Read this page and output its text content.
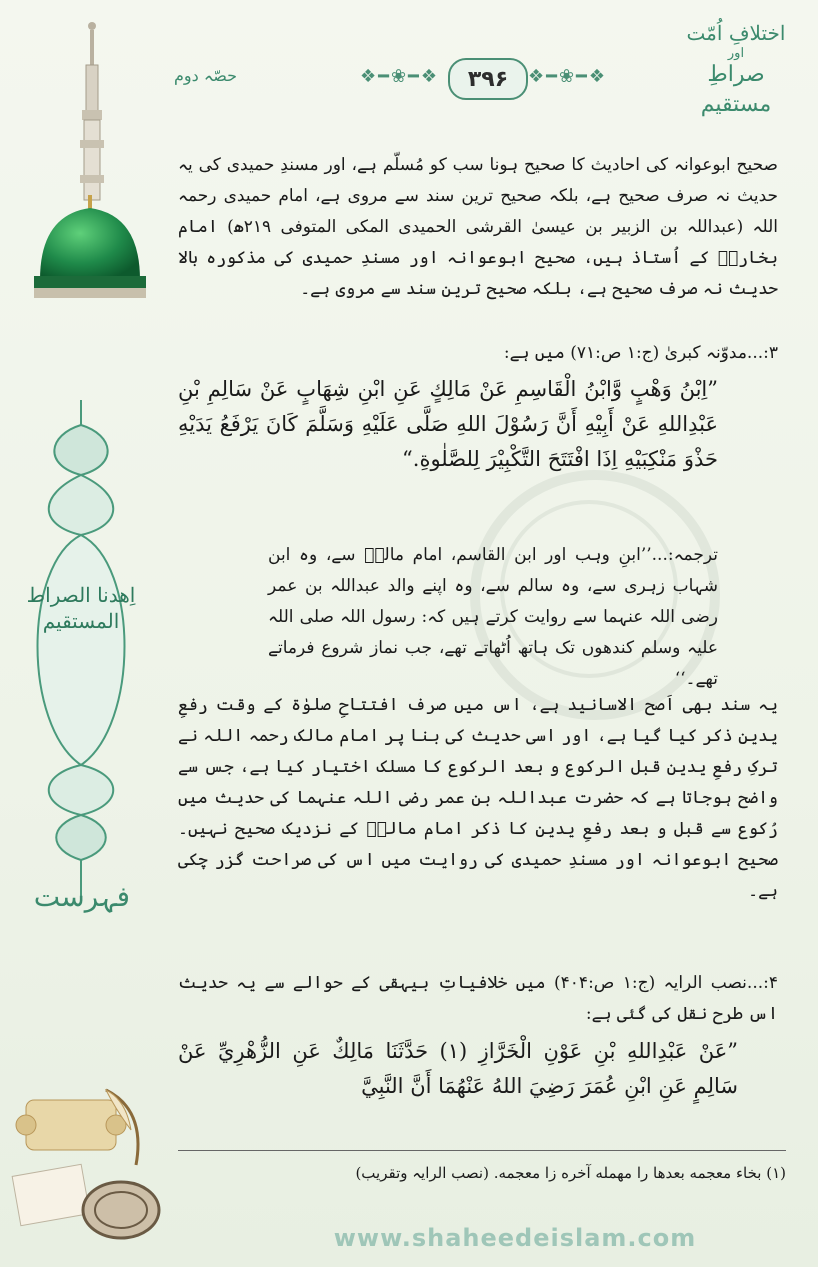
اختلافِ اُمّت
اور
صراطِ مستقیم
❖━❀━❖
❖━❀━❖	۳۹۶
حصّہ دوم
اِهدنا الصراط المستقیم
فہرست

صحیح ابوعوانہ کی احادیث کا صحیح ہونا سب کو مُسلّم ہے، اور مسندِ حمیدی کی یہ حدیث نہ صرف صحیح ہے، بلکہ صحیح ترین سند سے مروی ہے، امام حمیدی رحمہ اللہ (عبداللہ بن الزبیر بن عیسیٰ القرشی الحمیدی المکی المتوفی ۲۱۹ھ) امام بخاریؒ کے اُستاذ ہیں، صحیح ابوعوانہ اور مسندِ حمیدی کی مذکورہ بالا حدیث نہ صرف صحیح ہے، بلکہ صحیح ترین سند سے مروی ہے۔

۳:...مدوّنہ کبریٰ (ج:۱ ص:۷۱) میں ہے:

”اِبْنُ وَهْبٍ وَّابْنُ الْقَاسِمِ عَنْ مَالِكٍ عَنِ ابْنِ شِهَابٍ عَنْ سَالِمِ بْنِ عَبْدِاللهِ عَنْ أَبِيْهِ أَنَّ رَسُوْلَ اللهِ صَلَّى عَلَيْهِ وَسَلَّمَ كَانَ يَرْفَعُ يَدَيْهِ حَذْوَ مَنْكِبَيْهِ اِذَا افْتَتَحَ التَّكْبِيْرَ لِلصَّلٰوةِ.“

ترجمہ:...’’ابنِ وہب اور ابن القاسم، امام مالکؒ سے، وہ ابن شہاب زہری سے، وہ سالم سے، وہ اپنے والد عبداللہ بن عمر رضی اللہ عنہما سے روایت کرتے ہیں کہ: رسول اللہ صلی اللہ علیہ وسلم کندھوں تک ہاتھ اُٹھاتے تھے، جب نماز شروع فرماتے تھے۔‘‘

یہ سند بھی اَصح الاسانید ہے، اس میں صرف افتتاحِ صلوٰۃ کے وقت رفعِ یدین ذکر کیا گیا ہے، اور اسی حدیث کی بنا پر امام مالک رحمہ اللہ نے ترکِ رفعِ یدین قبل الرکوع و بعد الرکوع کا مسلک اختیار کیا ہے، جس سے واضح ہوجاتا ہے کہ حضرت عبداللہ بن عمر رضی اللہ عنہما کی حدیث میں رُکوع سے قبل و بعد رفعِ یدین کا ذکر امام مالکؒ کے نزدیک صحیح نہیں۔ صحیح ابوعوانہ اور مسندِ حمیدی کی روایت میں اس کی صراحت گزر چکی ہے۔

۴:...نصب الرایہ (ج:۱ ص:۴۰۴) میں خلافیاتِ بیہقی کے حوالے سے یہ حدیث اس طرح نقل کی گئی ہے:

”عَنْ عَبْدِاللهِ بْنِ عَوْنِ الْخَرَّازِ (۱) حَدَّثَنَا مَالِكٌ عَنِ الزُّهْرِيِّ عَنْ سَالِمٍ عَنِ ابْنِ عُمَرَ رَضِيَ اللهُ عَنْهُمَا أَنَّ النَّبِيَّ

(۱) بخاء معجمه بعدها را مهمله آخره زا معجمه. (نصب الرایہ وتقریب)
www.shaheedeislam.com
